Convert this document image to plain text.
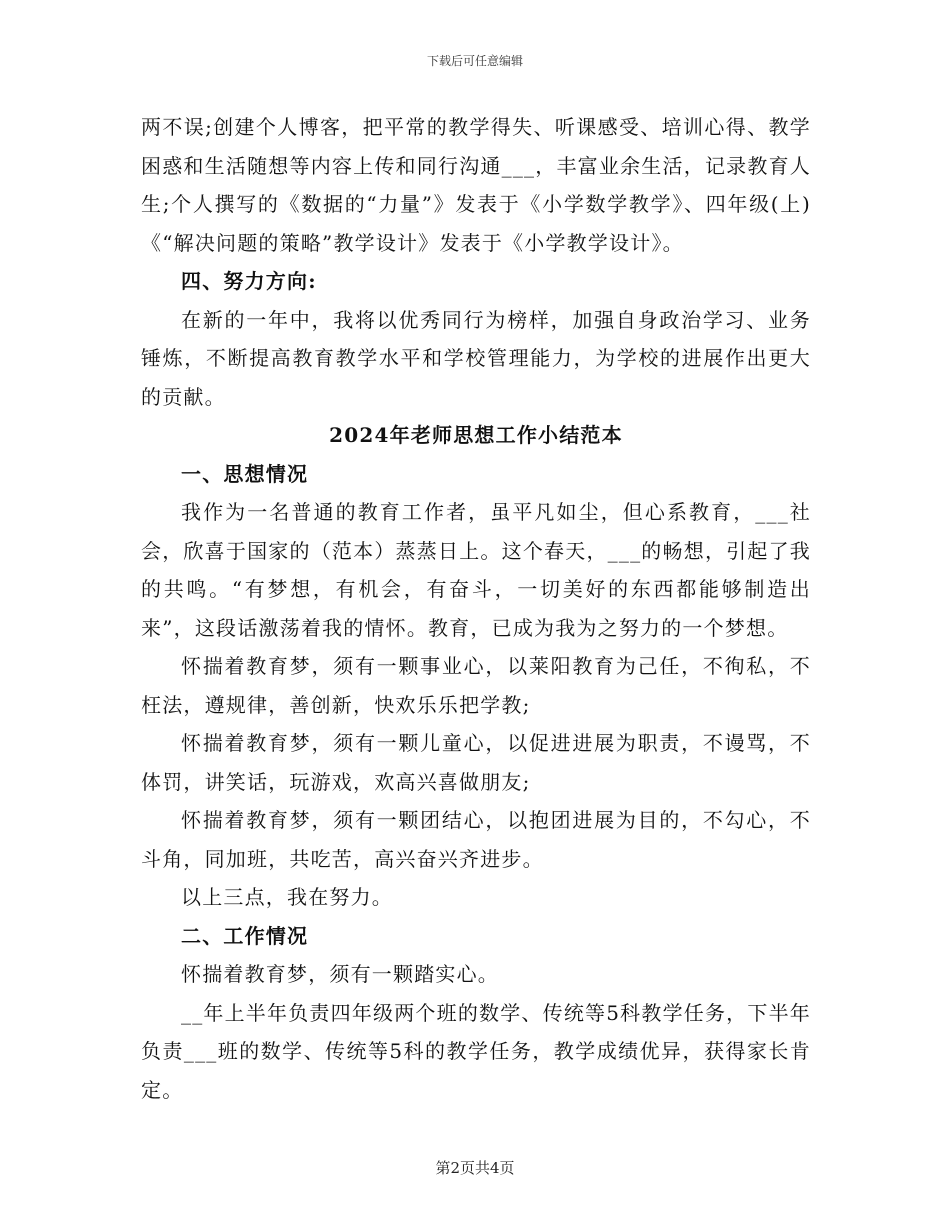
下载后可任意编辑

两不误;创建个人博客，把平常的教学得失、听课感受、培训心得、教学困惑和生活随想等内容上传和同行沟通___，丰富业余生活，记录教育人生;个人撰写的《数据的“力量”》发表于《小学数学教学》、四年级(上)《“解决问题的策略”教学设计》发表于《小学教学设计》。

四、努力方向:

在新的一年中，我将以优秀同行为榜样，加强自身政治学习、业务锤炼，不断提高教育教学水平和学校管理能力，为学校的进展作出更大的贡献。

2024年老师思想工作小结范本

一、思想情况

我作为一名普通的教育工作者，虽平凡如尘，但心系教育，___社会，欣喜于国家的（范本）蒸蒸日上。这个春天，___的畅想，引起了我的共鸣。“有梦想，有机会，有奋斗，一切美好的东西都能够制造出来”，这段话激荡着我的情怀。教育，已成为我为之努力的一个梦想。

怀揣着教育梦，须有一颗事业心，以莱阳教育为己任，不徇私，不枉法，遵规律，善创新，快欢乐乐把学教;

怀揣着教育梦，须有一颗儿童心，以促进进展为职责，不谩骂，不体罚，讲笑话，玩游戏，欢高兴喜做朋友;

怀揣着教育梦，须有一颗团结心，以抱团进展为目的，不勾心，不斗角，同加班，共吃苦，高兴奋兴齐进步。

以上三点，我在努力。

二、工作情况

怀揣着教育梦，须有一颗踏实心。

__年上半年负责四年级两个班的数学、传统等5科教学任务，下半年负责___班的数学、传统等5科的教学任务，教学成绩优异，获得家长肯定。

第2页共4页
